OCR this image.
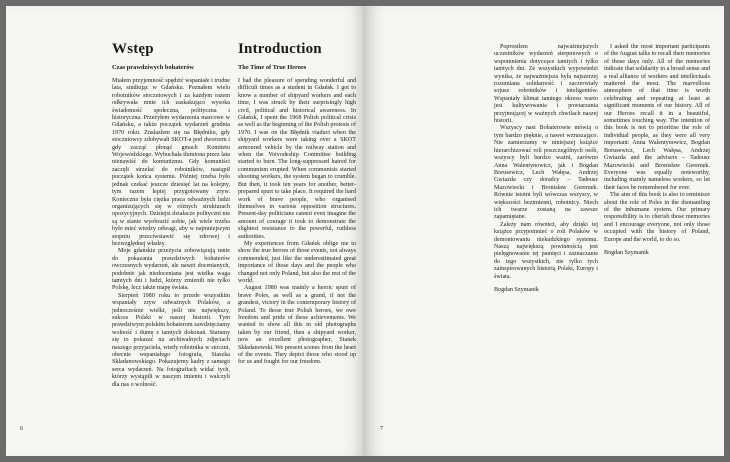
Wstęp
Czas prawdziwych bohaterów

Miałem przyjemność spędzić wspaniałe i trudne lata, studiując w Gdańsku. Poznałem wielu robotników stoczniowych i za każdym razem odkrywała mnie ich zaskakująco wysoka świadomość społeczna, polityczna i historyczna. Przeżyłem wydarzenia marcowe w Gdańsku, a także początek wydarzeń grudnia 1970 roku. Znalazłem się na Błędniku, gdy stoczniowcy zdobywali SKOT-a pod dworcem i gdy zacząć płonąć gmach Komitetu Wojewódzkiego. Wybuchała tłumiona przez lata nienawiść do komunizmu. Gdy komuniści zaczęli strzelać do robotników, nastąpił początek końca systemu. Później trzeba było jednak czekać jeszcze dziesięć lat na kolejny, tym razem lepiej przygotowany zryw. Konieczna była ciężka praca odważnych ludzi organizujących się w różnych strukturach opozycyjnych. Dzisiejsi działacze polityczni nie są w stanie wyobrazić sobie, jak wiele trzeba było mieć wiedzy odwagi, aby w najmniejszym stopniu przeciwstawić się zdrowej i bezwzględnej władzy.

Moje gdańskie przeżycia zobowiązują mnie do pokazania prawdziwych bohaterów owczesnych wydarzeń, ale nawet docenianych, podobnie jak niedoceniana jest wielka waga tamtych dni i ludzi, którzy zmienili nie tylko Polskę, lecz także mapę świata.

Sierpień 1980 roku to przede wszystkim wspaniały zryw odważnych Polaków, a jednocześnie wielki, jeśli nie największy, sukces Polski w naszej historii. Tym prawdziwym polskim bohaterom zawdzięczamy wolność i dumę z tamtych dokonań. Staramy się to pokazać na archiwalnych zdjęciach naszego przyjaciela, wtedy robotnika w stoczni, obecnie wspaniałego fotografa, Staszka Składanowskiego. Pokazujemy kadry z samego serca wydarzeń. Na fotografiach widać tych, którzy wystąpili w naszym imieniu i walczyli dla nas o wolność.

Introduction
The Time of True Heroes

I had the pleasure of spending wonderful and difficult times as a student in Gdańsk. I got to know a number of shipyard workers and each time, I was struck by their surprisingly high civil, political and historical awareness. In Gdańsk, I spent the 1968 Polish political crisis as well as the beginning of the Polish protests of 1970. I was on the Błędnik viaduct when the shipyard workers were taking over a SKOT armoured vehicle by the railway station and when the Voivodeship Committee building started to burn. The long-suppressed hatred for communism erupted. When communists started shooting workers, the system began to crumble. But then, it took ten years for another, better-prepared spurt to take place. It required the hard work of brave people, who organised themselves in various opposition structures. Present-day politicians cannot even imagine the amount of courage it took to demonstrate the slightest resistance to the powerful, ruthless authorities.

My experiences from Gdańsk oblige me to show the true heroes of those events, not always commended, just like the underestimated great importance of those days and the people who changed not only Poland, but also the rest of the world.

August 1980 was mainly a heroic spurt of brave Poles, as well as a grand, if not the grandest, victory in the contemporary history of Poland. To those true Polish heroes, we owe freedom and pride of these achievements. We wanted to show all this in old photographs taken by our friend, then a shipyard worker, now an excellent photographer, Stanek Składanowski. We present scenes from the heart of the events. They depict those who stood up for us and fought for our freedom.

6

Poprosiłem najważniejszych uczestników wydarzeń sierpniowych o wspomnienia dotyczące tamtych i tylko tamtych dni. Ze wszystkich wypowiedzi wynika, że najważniejsza była najszerzej rozumiana solidarność i zaczerwiały sojusz robotników i inteligentów. Wspaniały klimat tamtego okresu warto jest kultywowania i powtarzania przyjmującej w ważnych chwilach naszej historii.

Wszyscy nasi Bohaterowie mówią o tym bardzo pięknie, a nawet wzruszająco. Nie zamierzamy w niniejszej książce hierarchizować roli poszczególnych osób, wszyscy byli bardzo ważni, zarówno Anna Walentynowicz, jak i Bogdan Borusewicz, Lech Wałęsa, Andrzej Gwiazda czy doradcy – Tadeusz Mazowiecki i Bronisław Geremek. Równie istotni byli wówczas wszyscy, w większości bezimienni, robotnicy. Niech ich twarze zostaną na zawsze zapamiętane.

Zależy nam również, aby dzięki tej książce przypomnieć o roli Polaków w demontowaniu niekudzkiego systemu. Naszą największą powinnością jest pielęgnowanie tej pamięci i zaznaczanie do tego wszystkich, nie tylko tych zainspirowanych historią Polski, Europy i świata.

Bogdan Szymanik

I asked the most important participants of the August talks to recall their memories of those days only. All of the memories indicate that solidarity in a broad sense and a real alliance of workers and intellectuals mattered the most. The marvellous atmosphere of that time is worth celebrating and repeating at least at significant moments of our history. All of our Heroes recall it in a beautiful, sometimes touching way. The intention of this book is not to prioritise the role of individual people, as they were all very important: Anna Walentynowicz, Bogdan Borusewicz, Lech Wałęsa, Andrzej Gwiazda and the advisers – Tadeusz Mazowiecki and Bronisław Geremek. Everyone was equally noteworthy, including mainly nameless workers, so let their faces be remembered for ever.

The aim of this book is also to reminisce about the role of Poles in the dismantling of the inhumane system. Our primary responsibility is to cherish those memories and I encourage everyone, not only those occupied with the history of Poland, Europe and the world, to do so.

Bogdan Szymanik
7
